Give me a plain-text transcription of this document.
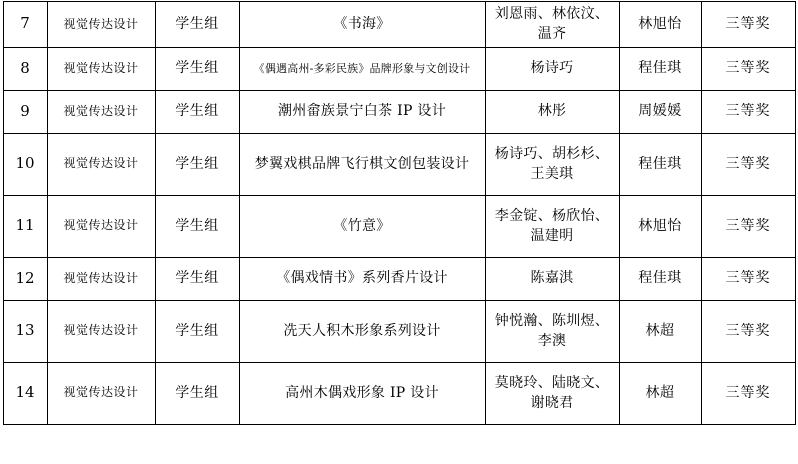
7	视觉传达设计	学生组	《书海》	刘恩雨、林依汶、温齐	林旭怡	三等奖
8	视觉传达设计	学生组	《偶遇高州-多彩民族》品牌形象与文创设计	杨诗巧	程佳琪	三等奖
9	视觉传达设计	学生组	潮州畲族景宁白茶 IP 设计	林彤	周媛媛	三等奖
10	视觉传达设计	学生组	梦翼戏棋品牌飞行棋文创包装设计	杨诗巧、胡杉杉、王美琪	程佳琪	三等奖
11	视觉传达设计	学生组	《竹意》	李金锭、杨欣怡、温建明	林旭怡	三等奖
12	视觉传达设计	学生组	《偶戏情书》系列香片设计	陈嘉淇	程佳琪	三等奖
13	视觉传达设计	学生组	冼天人积木形象系列设计	钟悦瀚、陈圳煜、李澳	林超	三等奖
14	视觉传达设计	学生组	高州木偶戏形象 IP 设计	莫晓玲、陆晓文、谢晓君	林超	三等奖
